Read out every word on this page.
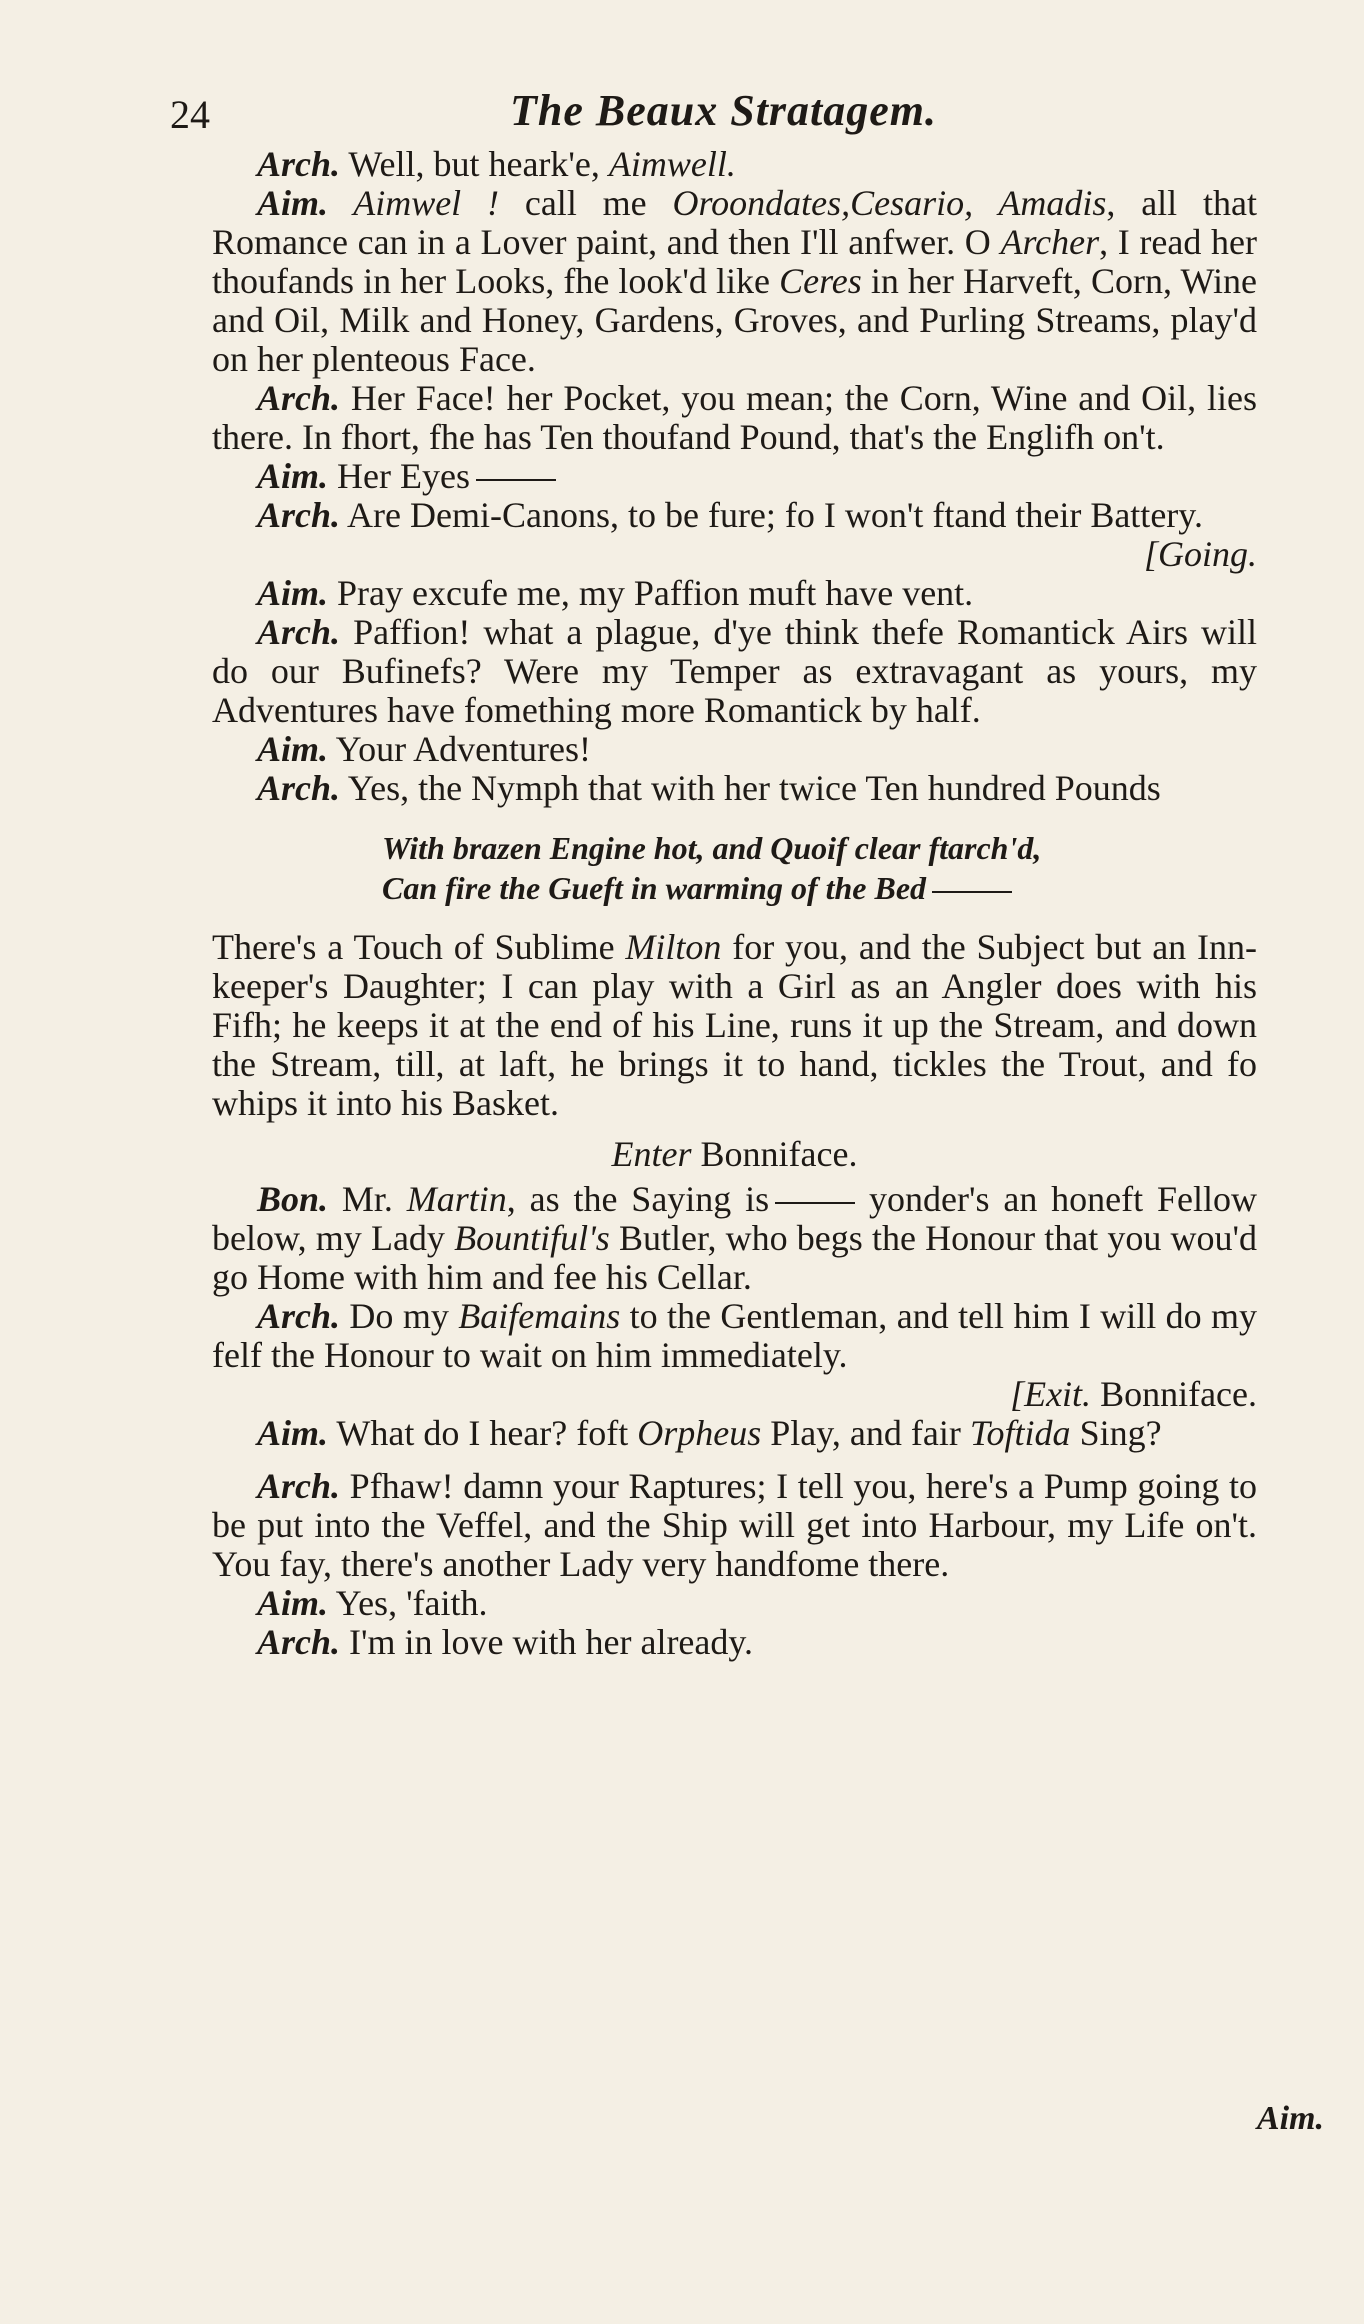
24	The Beaux Stratagem.

Arch. Well, but heark'e, Aimwell.

Aim. Aimwel ! call me Oroondates,Cesario, Amadis, all that Romance can in a Lover paint, and then I'll anfwer. O Archer, I read her thoufands in her Looks, fhe look'd like Ceres in her Harveft, Corn, Wine and Oil, Milk and Honey, Gardens, Groves, and Purling Streams, play'd on her plenteous Face.

Arch. Her Face! her Pocket, you mean; the Corn, Wine and Oil, lies there. In fhort, fhe has Ten thoufand Pound, that's the Englifh on't.

Aim. Her Eyes

Arch. Are Demi-Canons, to be fure; fo I won't ftand their Battery.

[Going.

Aim. Pray excufe me, my Paffion muft have vent.

Arch. Paffion! what a plague, d'ye think thefe Romantick Airs will do our Bufinefs? Were my Temper as extravagant as yours, my Adventures have fomething more Romantick by half.

Aim. Your Adventures!

Arch. Yes, the Nymph that with her twice Ten hundred Pounds

With brazen Engine hot, and Quoif clear ftarch'd,
Can fire the Gueft in warming of the Bed

There's a Touch of Sublime Milton for you, and the Subject but an Inn-keeper's Daughter; I can play with a Girl as an Angler does with his Fifh; he keeps it at the end of his Line, runs it up the Stream, and down the Stream, till, at laft, he brings it to hand, tickles the Trout, and fo whips it into his Basket.

Enter Bonniface.

Bon. Mr. Martin, as the Saying is yonder's an honeft Fellow below, my Lady Bountiful's Butler, who begs the Honour that you wou'd go Home with him and fee his Cellar.

Arch. Do my Baifemains to the Gentleman, and tell him I will do my felf the Honour to wait on him immediately.

[Exit. Bonniface.

Aim. What do I hear? foft Orpheus Play, and fair Toftida Sing?

Arch. Pfhaw! damn your Raptures; I tell you, here's a Pump going to be put into the Veffel, and the Ship will get into Harbour, my Life on't. You fay, there's another Lady very handfome there.

Aim. Yes, 'faith.

Arch. I'm in love with her already.

Aim.
